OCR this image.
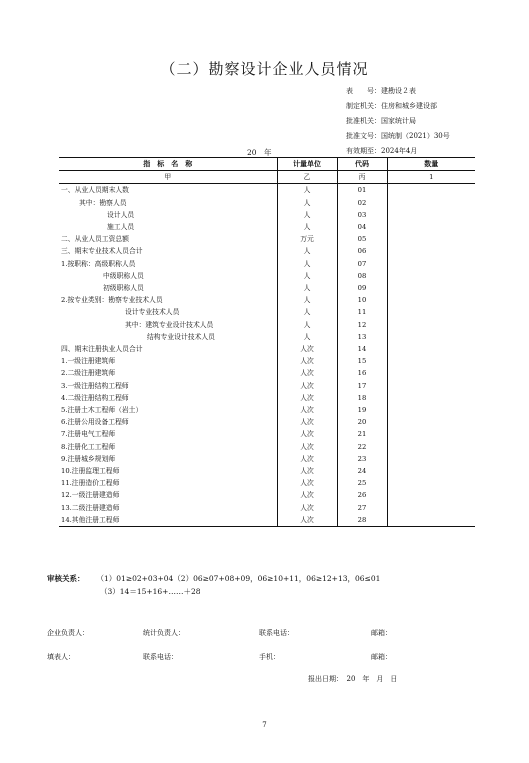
（二）勘察设计企业人员情况
表　　号：建勘设２表
制定机关：住房和城乡建设部
批准机关：国家统计局
批准文号：国统制（2021）30号
有效期至：2024年4月
20　年
指　标　名　称	计量单位	代码	数量
甲	乙	丙	1
一、从业人员期末人数	人	01	
其中：勘察人员	人	02	
设计人员	人	03	
施工人员	人	04	
二、从业人员工资总额	万元	05	
三、期末专业技术人员合计	人	06	
1.按职称：高级职称人员	人	07	
中级职称人员	人	08	
初级职称人员	人	09	
2.按专业类别：勘察专业技术人员	人	10	
设计专业技术人员	人	11	
其中：建筑专业设计技术人员	人	12	
结构专业设计技术人员	人	13	
四、期末注册执业人员合计	人次	14	
1.一级注册建筑师	人次	15	
2.二级注册建筑师	人次	16	
3.一级注册结构工程师	人次	17	
4.二级注册结构工程师	人次	18	
5.注册土木工程师（岩土）	人次	19	
6.注册公用设备工程师	人次	20	
7.注册电气工程师	人次	21	
8.注册化工工程师	人次	22	
9.注册城乡规划师	人次	23	
10.注册监理工程师	人次	24	
11.注册造价工程师	人次	25	
12.一级注册建造师	人次	26	
13.二级注册建造师	人次	27	
14.其他注册工程师	人次	28	
审核关系： （1）01≥02+03+04（2）06≥07+08+09，06≥10+11，06≥12+13，06≤01
（3）14＝15+16+……＋28
企业负责人：	统计负责人：	联系电话：	邮箱：
填表人：	联系电话：	手机：	邮箱：
报出日期：　20　年　月　日
7
